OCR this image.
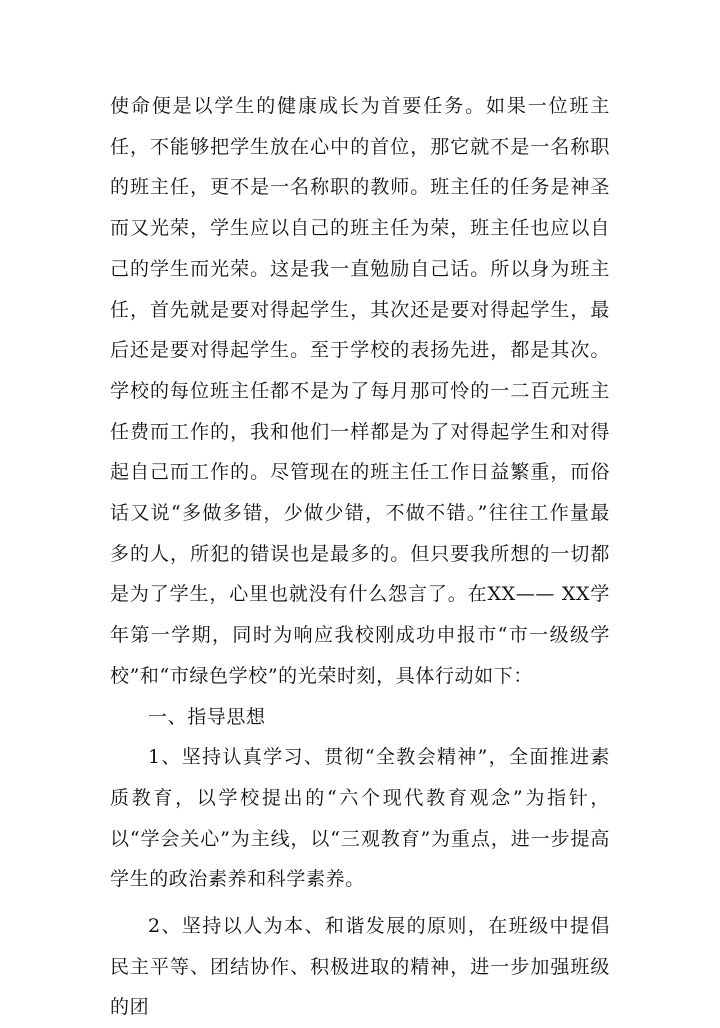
使命便是以学生的健康成长为首要任务。如果一位班主任，不能够把学生放在心中的首位，那它就不是一名称职的班主任，更不是一名称职的教师。班主任的任务是神圣而又光荣，学生应以自己的班主任为荣，班主任也应以自己的学生而光荣。这是我一直勉励自己话。所以身为班主任，首先就是要对得起学生，其次还是要对得起学生，最后还是要对得起学生。至于学校的表扬先进，都是其次。学校的每位班主任都不是为了每月那可怜的一二百元班主任费而工作的，我和他们一样都是为了对得起学生和对得起自己而工作的。尽管现在的班主任工作日益繁重，而俗话又说“多做多错，少做少错，不做不错。”往往工作量最多的人，所犯的错误也是最多的。但只要我所想的一切都是为了学生，心里也就没有什么怨言了。在XX—— XX学年第一学期，同时为响应我校刚成功申报市“市一级级学校”和“市绿色学校”的光荣时刻，具体行动如下：

一、指导思想

1、坚持认真学习、贯彻“全教会精神”，全面推进素质教育，以学校提出的“六个现代教育观念”为指针，以“学会关心”为主线，以“三观教育”为重点，进一步提高学生的政治素养和科学素养。

2、坚持以人为本、和谐发展的原则，在班级中提倡民主平等、团结协作、积极进取的精神，进一步加强班级的团
